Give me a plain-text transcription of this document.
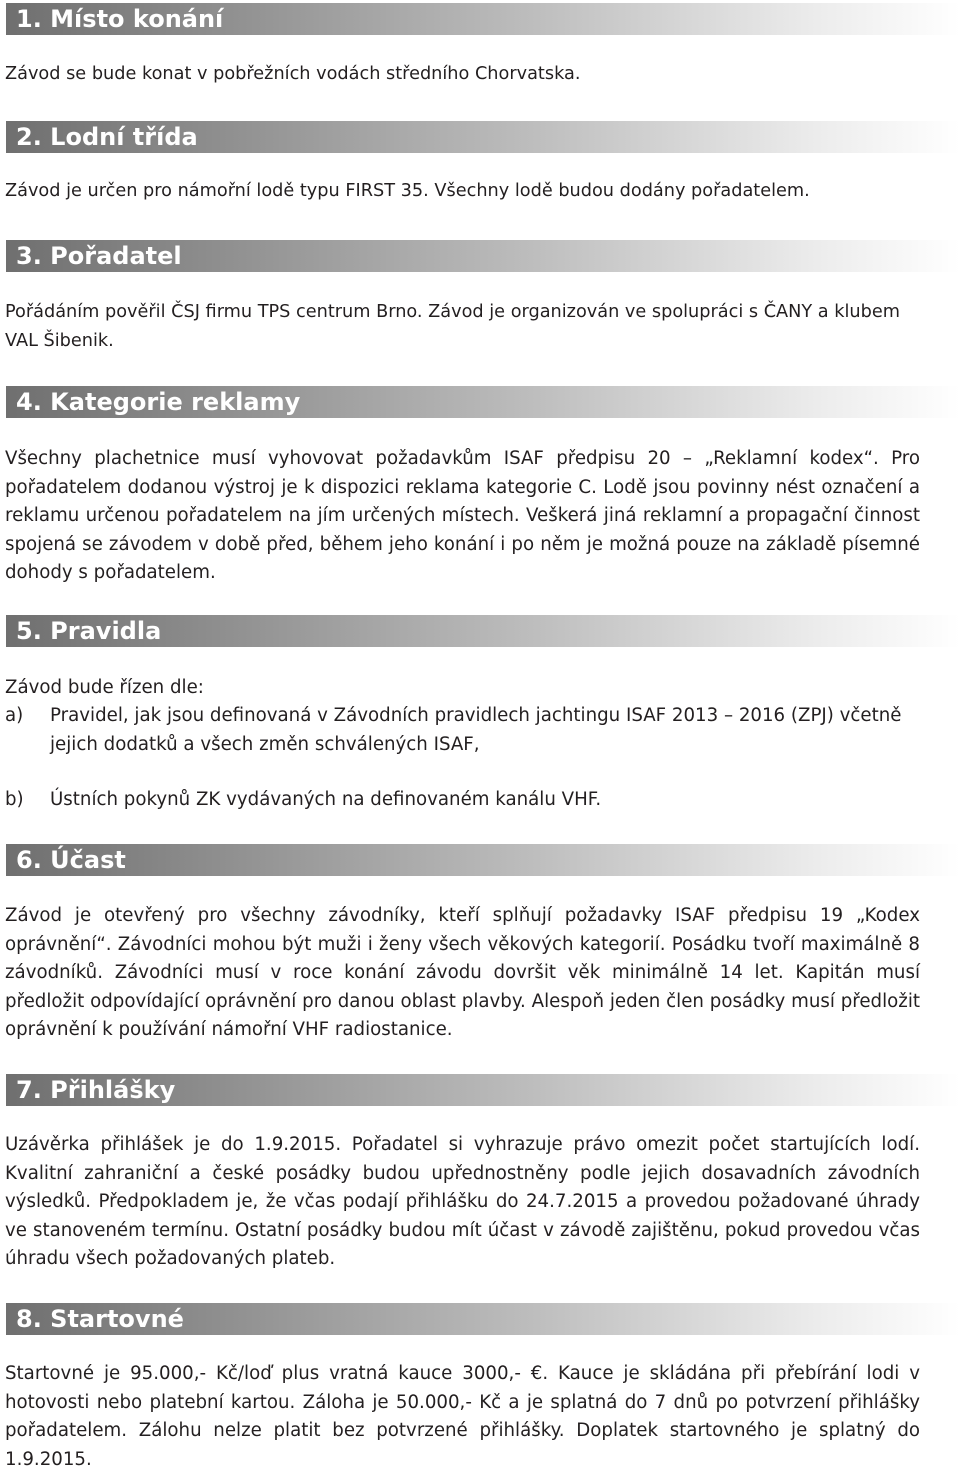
1. Místo konání

Závod se bude konat v pobřežních vodách středního Chorvatska.

2. Lodní třída

Závod je určen pro námořní lodě typu FIRST 35. Všechny lodě budou dodány pořadatelem.

3. Pořadatel

Pořádáním pověřil ČSJ firmu TPS centrum Brno. Závod je organizován ve spolupráci s ČANY a klubem VAL Šibenik.

4. Kategorie reklamy

Všechny plachetnice musí vyhovovat požadavkům ISAF předpisu 20 – „Reklamní kodex“. Pro pořadatelem dodanou výstroj je k dispozici reklama kategorie C. Lodě jsou povinny nést označení a reklamu určenou pořadatelem na jím určených místech. Veškerá jiná reklamní a propagační činnost spojená se závodem v době před, během jeho konání i po něm je možná pouze na základě písemné dohody s pořadatelem.

5. Pravidla

Závod bude řízen dle:

a) Pravidel, jak jsou definovaná v Závodních pravidlech jachtingu ISAF 2013 – 2016 (ZPJ) včetně jejich dodatků a všech změn schválených ISAF,

b) Ústních pokynů ZK vydávaných na definovaném kanálu VHF.

6. Účast

Závod je otevřený pro všechny závodníky, kteří splňují požadavky ISAF předpisu 19 „Kodex oprávnění“. Závodníci mohou být muži i ženy všech věkových kategorií. Posádku tvoří maximálně 8 závodníků. Závodníci musí v roce konání závodu dovršit věk minimálně 14 let. Kapitán musí předložit odpovídající oprávnění pro danou oblast plavby. Alespoň jeden člen posádky musí předložit oprávnění k používání námořní VHF radiostanice.

7. Přihlášky

Uzávěrka přihlášek je do 1.9.2015. Pořadatel si vyhrazuje právo omezit počet startujících lodí. Kvalitní zahraniční a české posádky budou upřednostněny podle jejich dosavadních závodních výsledků. Předpokladem je, že včas podají přihlášku do 24.7.2015 a provedou požadované úhrady ve stanoveném termínu. Ostatní posádky budou mít účast v závodě zajištěnu, pokud provedou včas úhradu všech požadovaných plateb.

8. Startovné

Startovné je 95.000,- Kč/loď plus vratná kauce 3000,- €. Kauce je skládána při přebírání lodi v hotovosti nebo platební kartou. Záloha je 50.000,- Kč a je splatná do 7 dnů po potvrzení přihlášky pořadatelem. Zálohu nelze platit bez potvrzené přihlášky. Doplatek startovného je splatný do 1.9.2015.
